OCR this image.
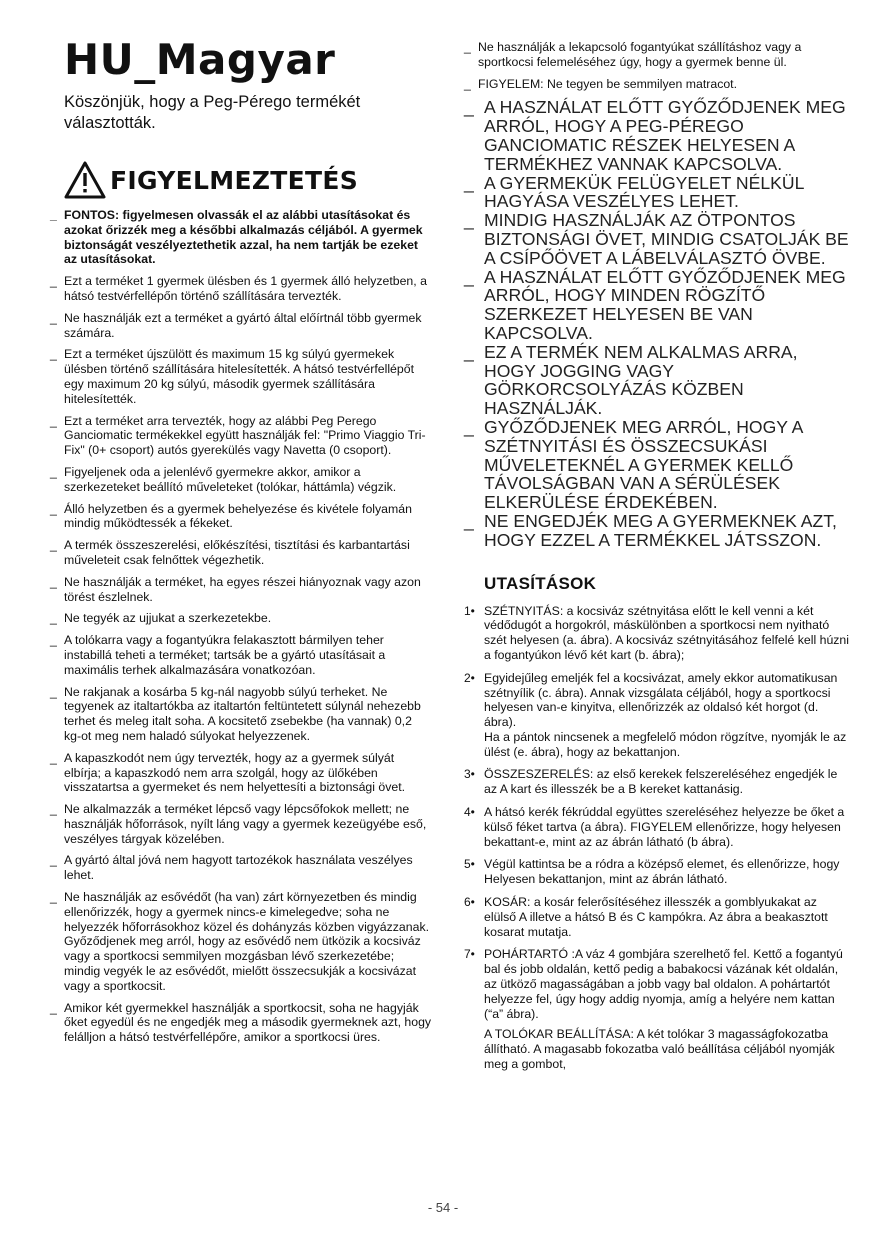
HU_Magyar

Köszönjük, hogy a Peg-Pérego termékét választották.

FIGYELMEZTETÉS
_ FONTOS: figyelmesen olvassák el az alábbi utasításokat és azokat őrizzék meg a későbbi alkalmazás céljából. A gyermek biztonságát veszélyeztethetik azzal, ha nem tartják be ezeket az utasításokat.
_ Ezt a terméket 1 gyermek ülésben és 1 gyermek álló helyzetben, a hátsó testvérfellépőn történő szállítására tervezték.
_ Ne használják ezt a terméket a gyártó által előírtnál több gyermek számára.
_ Ezt a terméket újszülött és maximum 15 kg súlyú gyermekek ülésben történő szállítására hitelesítették. A hátsó testvérfellépőt egy maximum 20 kg súlyú, második gyermek szállítására hitelesítették.
_ Ezt a terméket arra tervezték, hogy az alábbi Peg Perego Ganciomatic termékekkel együtt használják fel: "Primo Viaggio Tri-Fix" (0+ csoport) autós gyerekülés vagy Navetta (0 csoport).
_ Figyeljenek oda a jelenlévő gyermekre akkor, amikor a szerkezeteket beállító műveleteket (tolókar, háttámla) végzik.
_ Álló helyzetben és a gyermek behelyezése és kivétele folyamán mindig működtessék a fékeket.
_ A termék összeszerelési, előkészítési, tisztítási és karbantartási műveleteit csak felnőttek végezhetik.
_ Ne használják a terméket, ha egyes részei hiányoznak vagy azon törést észlelnek.
_ Ne tegyék az ujjukat a szerkezetekbe.
_ A tolókarra vagy a fogantyúkra felakasztott bármilyen teher instabillá teheti a terméket; tartsák be a gyártó utasításait a maximális terhek alkalmazására vonatkozóan.
_ Ne rakjanak a kosárba 5 kg-nál nagyobb súlyú terheket. Ne tegyenek az italtartókba az italtartón feltüntetett súlynál nehezebb terhet és meleg italt soha. A kocsitető zsebekbe (ha vannak) 0,2 kg-ot meg nem haladó súlyokat helyezzenek.
_ A kapaszkodót nem úgy tervezték, hogy az a gyermek súlyát elbírja; a kapaszkodó nem arra szolgál, hogy az ülőkében visszatartsa a gyermeket és nem helyettesíti a biztonsági övet.
_ Ne alkalmazzák a terméket lépcső vagy lépcsőfokok mellett; ne használják hőforrások, nyílt láng vagy a gyermek kezeügyébe eső, veszélyes tárgyak közelében.
_ A gyártó által jóvá nem hagyott tartozékok használata veszélyes lehet.
_ Ne használják az esővédőt (ha van) zárt környezetben és mindig ellenőrizzék, hogy a gyermek nincs-e kimelegedve; soha ne helyezzék hőforrásokhoz közel és dohányzás közben vigyázzanak. Győződjenek meg arról, hogy az esővédő nem ütközik a kocsiváz vagy a sportkocsi semmilyen mozgásban lévő szerkezetébe; mindig vegyék le az esővédőt, mielőtt összecsukják a kocsivázat vagy a sportkocsit.
_ Amikor két gyermekkel használják a sportkocsit, soha ne hagyják őket egyedül és ne engedjék meg a második gyermeknek azt, hogy felálljon a hátsó testvérfellépőre, amikor a sportkocsi üres.
_ Ne használják a lekapcsoló fogantyúkat szállításhoz vagy a sportkocsi felemeléséhez úgy, hogy a gyermek benne ül.
_ FIGYELEM: Ne tegyen be semmilyen matracot.
_ A HASZNÁLAT ELŐTT GYŐZŐDJENEK MEG ARRÓL, HOGY A PEG-PÉREGO GANCIOMATIC RÉSZEK HELYESEN A TERMÉKHEZ VANNAK KAPCSOLVA.
_ A GYERMEKÜK FELÜGYELET NÉLKÜL HAGYÁSA VESZÉLYES LEHET.
_ MINDIG HASZNÁLJÁK AZ ÖTPONTOS BIZTONSÁGI ÖVET, MINDIG CSATOLJÁK BE A CSÍPŐÖVET A LÁBELVÁLASZTÓ ÖVBE.
_ A HASZNÁLAT ELŐTT GYŐZŐDJENEK MEG ARRÓL, HOGY MINDEN RÖGZÍTŐ SZERKEZET HELYESEN BE VAN KAPCSOLVA.
_ EZ A TERMÉK NEM ALKALMAS ARRA, HOGY JOGGING VAGY GÖRKORCSOLYÁZÁS KÖZBEN HASZNÁLJÁK.
_ GYŐZŐDJENEK MEG ARRÓL, HOGY A SZÉTNYITÁSI ÉS ÖSSZECSUKÁSI MŰVELETEKNÉL A GYERMEK KELLŐ TÁVOLSÁGBAN VAN A SÉRÜLÉSEK ELKERÜLÉSE ÉRDEKÉBEN.
_ NE ENGEDJÉK MEG A GYERMEKNEK AZT, HOGY EZZEL A TERMÉKKEL JÁTSSZON.
UTASÍTÁSOK
1• SZÉTNYITÁS: a kocsiváz szétnyitása előtt le kell venni a két védődugót a horgokról, máskülönben a sportkocsi nem nyitható szét helyesen (a. ábra). A kocsiváz szétnyitásához felfelé kell húzni a fogantyúkon lévő két kart (b. ábra);
2• Egyidejűleg emeljék fel a kocsivázat, amely ekkor automatikusan szétnyílik (c. ábra). Annak vizsgálata céljából, hogy a sportkocsi helyesen van-e kinyitva, ellenőrizzék az oldalsó két horgot (d. ábra).
Ha a pántok nincsenek a megfelelő módon rögzítve, nyomják le az ülést (e. ábra), hogy az bekattanjon.
3• ÖSSZESZERELÉS: az első kerekek felszereléséhez engedjék le az A kart és illesszék be a B kereket kattanásig.
4• A hátsó kerék fékrúddal együttes szereléséhez helyezze be őket a külső féket tartva (a ábra). FIGYELEM ellenőrizze, hogy helyesen bekattant-e, mint az az ábrán látható (b ábra).
5• Végül kattintsa be a ródra a középső elemet, és ellenőrizze, hogy Helyesen bekattanjon, mint az ábrán látható.
6• KOSÁR: a kosár felerősítéséhez illesszék a gomblyukakat az elülső A illetve a hátsó B és C kampókra. Az ábra a beakasztott kosarat mutatja.
7• POHÁRTARTÓ :A váz 4 gombjára szerelhető fel. Kettő a fogantyú bal és jobb oldalán, kettő pedig a babakocsi vázának két oldalán, az ütköző magasságában a jobb vagy bal oldalon. A pohártartót helyezze fel, úgy hogy addig nyomja, amíg a helyére nem kattan (“a” ábra).
A TOLÓKAR BEÁLLÍTÁSA: A két tolókar 3 magasságfokozatba állítható. A magasabb fokozatba való beállítása céljából nyomják meg a gombot,
- 54 -
